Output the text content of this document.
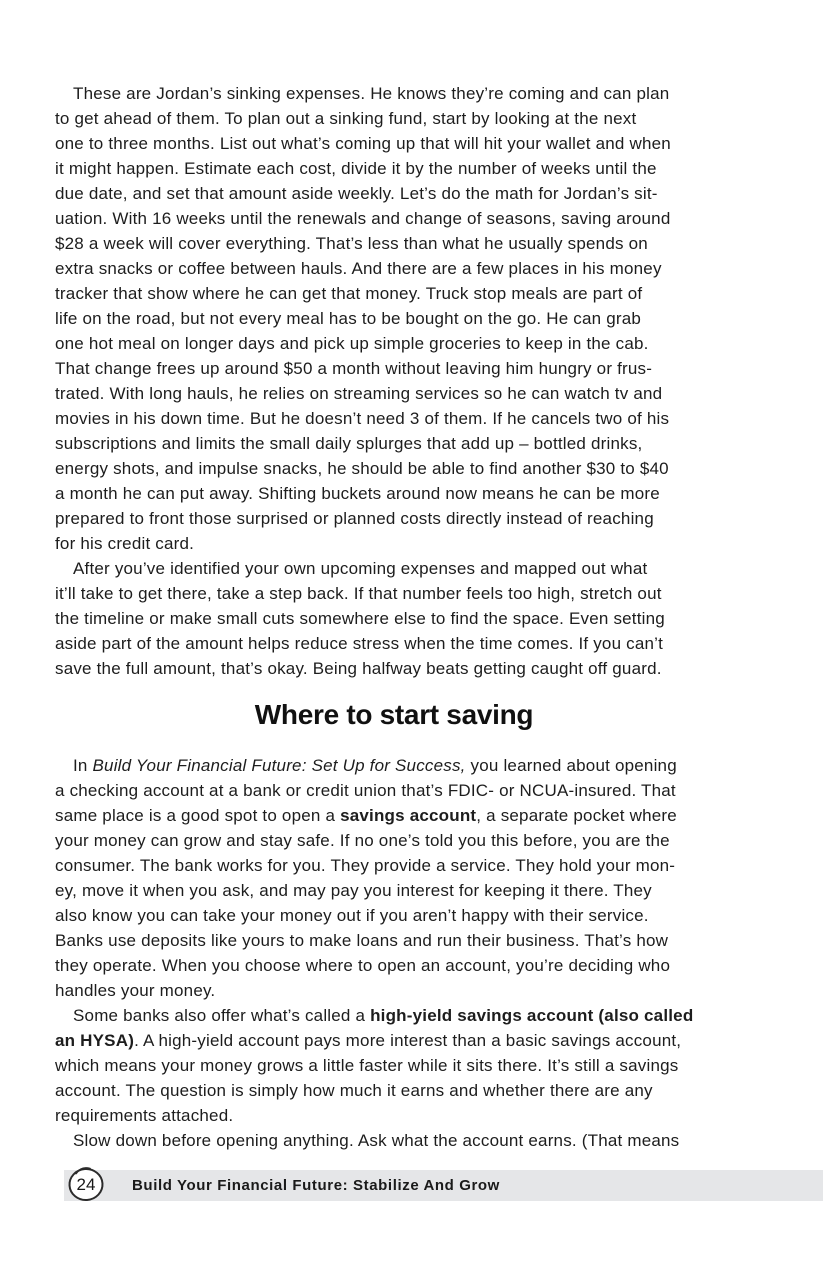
These are Jordan’s sinking expenses. He knows they’re coming and can plan
to get ahead of them. To plan out a sinking fund, start by looking at the next
one to three months. List out what’s coming up that will hit your wallet and when
it might happen. Estimate each cost, divide it by the number of weeks until the
due date, and set that amount aside weekly. Let’s do the math for Jordan’s sit-
uation. With 16 weeks until the renewals and change of seasons, saving around
$28 a week will cover everything. That’s less than what he usually spends on
extra snacks or coffee between hauls. And there are a few places in his money
tracker that show where he can get that money. Truck stop meals are part of
life on the road, but not every meal has to be bought on the go. He can grab
one hot meal on longer days and pick up simple groceries to keep in the cab.
That change frees up around $50 a month without leaving him hungry or frus-
trated. With long hauls, he relies on streaming services so he can watch tv and
movies in his down time. But he doesn’t need 3 of them. If he cancels two of his
subscriptions and limits the small daily splurges that add up – bottled drinks,
energy shots, and impulse snacks, he should be able to find another $30 to $40
a month he can put away. Shifting buckets around now means he can be more
prepared to front those surprised or planned costs directly instead of reaching
for his credit card.
After you’ve identified your own upcoming expenses and mapped out what
it’ll take to get there, take a step back. If that number feels too high, stretch out
the timeline or make small cuts somewhere else to find the space. Even setting
aside part of the amount helps reduce stress when the time comes. If you can’t
save the full amount, that’s okay. Being halfway beats getting caught off guard.
Where to start saving
In Build Your Financial Future: Set Up for Success, you learned about opening
a checking account at a bank or credit union that’s FDIC- or NCUA-insured. That
same place is a good spot to open a savings account, a separate pocket where
your money can grow and stay safe. If no one’s told you this before, you are the
consumer. The bank works for you. They provide a service. They hold your mon-
ey, move it when you ask, and may pay you interest for keeping it there. They
also know you can take your money out if you aren’t happy with their service.
Banks use deposits like yours to make loans and run their business. That’s how
they operate. When you choose where to open an account, you’re deciding who
handles your money.
Some banks also offer what’s called a high-yield savings account (also called
an HYSA). A high-yield account pays more interest than a basic savings account,
which means your money grows a little faster while it sits there. It’s still a savings
account. The question is simply how much it earns and whether there are any
requirements attached.
Slow down before opening anything. Ask what the account earns. (That means
Build Your Financial Future: Stabilize And Grow
24
